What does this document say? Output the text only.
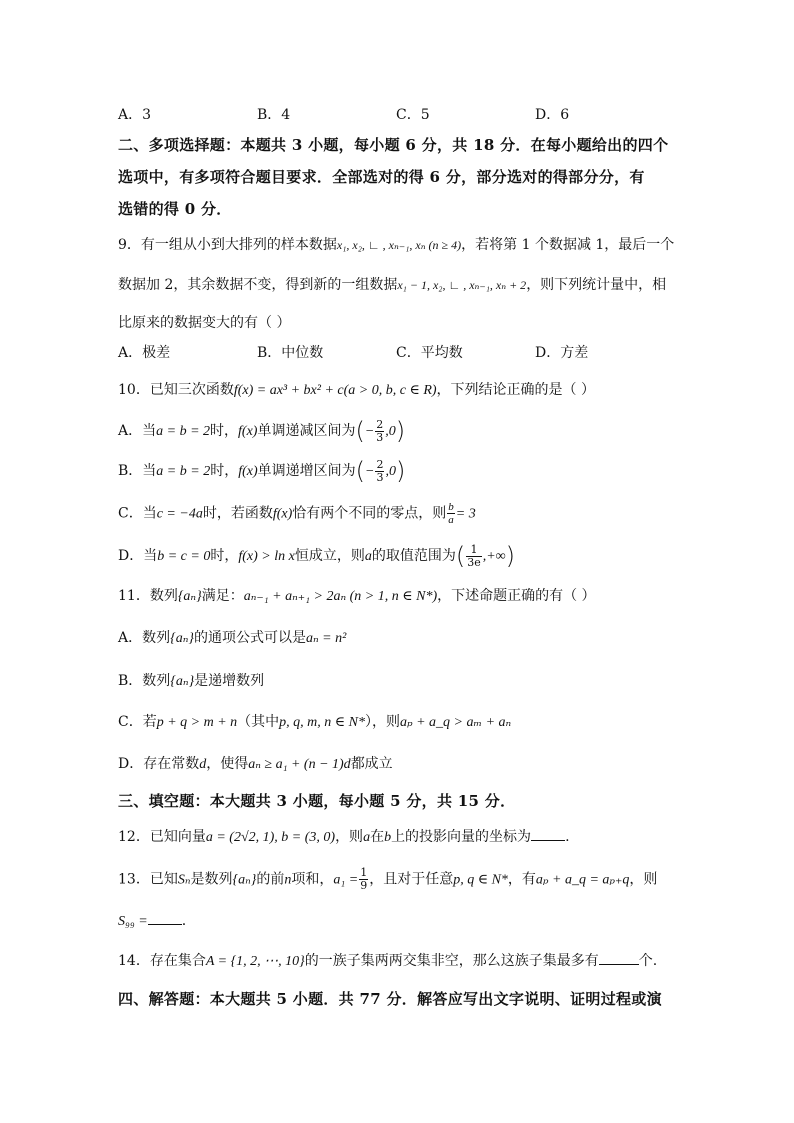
A．3	B．4	C．5	D．6
二、多项选择题：本题共 3 小题，每小题 6 分，共 18 分．在每小题给出的四个
选项中，有多项符合题目要求．全部选对的得 6 分，部分选对的得部分分，有
选错的得 0 分．
9．有一组从小到大排列的样本数据x₁, x₂, ∟ , xₙ₋₁, xₙ (n ≥ 4)，若将第 1 个数据减 1，最后一个
数据加 2，其余数据不变，得到新的一组数据x₁ − 1, x₂, ∟ , xₙ₋₁, xₙ + 2，则下列统计量中，相
比原来的数据变大的有（ ）
A．极差	B．中位数	C．平均数	D．方差
10．已知三次函数f(x) = ax³ + bx² + c(a > 0, b, c ∈ R)，下列结论正确的是（ ）
A．当a = b = 2时，f(x)单调递减区间为(− $\frac{2}{3} ,0$)
B．当a = b = 2时，f(x)单调递增区间为(− $\frac{2}{3} ,0$)
C．当c = −4a时，若函数f(x)恰有两个不同的零点，则 $\frac{b}{a} = 3$
D．当b = c = 0时，f(x) > ln x恒成立，则a的取值范围为( $\frac{1}{3e}$ ,+∞)
11．数列{aₙ}满足：aₙ₋₁ + aₙ₊₁ > 2aₙ (n > 1, n ∈ N*)，下述命题正确的有（ ）
A．数列{aₙ}的通项公式可以是aₙ = n²
B．数列{aₙ}是递增数列
C．若p + q > m + n（其中p, q, m, n ∈ N*），则aₚ + a_q > aₘ + aₙ
D．存在常数d，使得aₙ ≥ a₁ + (n − 1)d都成立
三、填空题：本大题共 3 小题，每小题 5 分，共 15 分．
12．已知向量a = (2√2, 1), b = (3, 0)，则a在b上的投影向量的坐标为 .
13．已知Sₙ是数列{aₙ}的前n项和，$a_1 = \frac{1}{9}$ ，且对于任意p, q ∈ N*，有aₚ + a_q = aₚ₊q，则
S₉₉ = .
14．存在集合A = {1, 2, ⋯, 10}的一族子集两两交集非空，那么这族子集最多有	个.
四、解答题：本大题共 5 小题．共 77 分．解答应写出文字说明、证明过程或演
